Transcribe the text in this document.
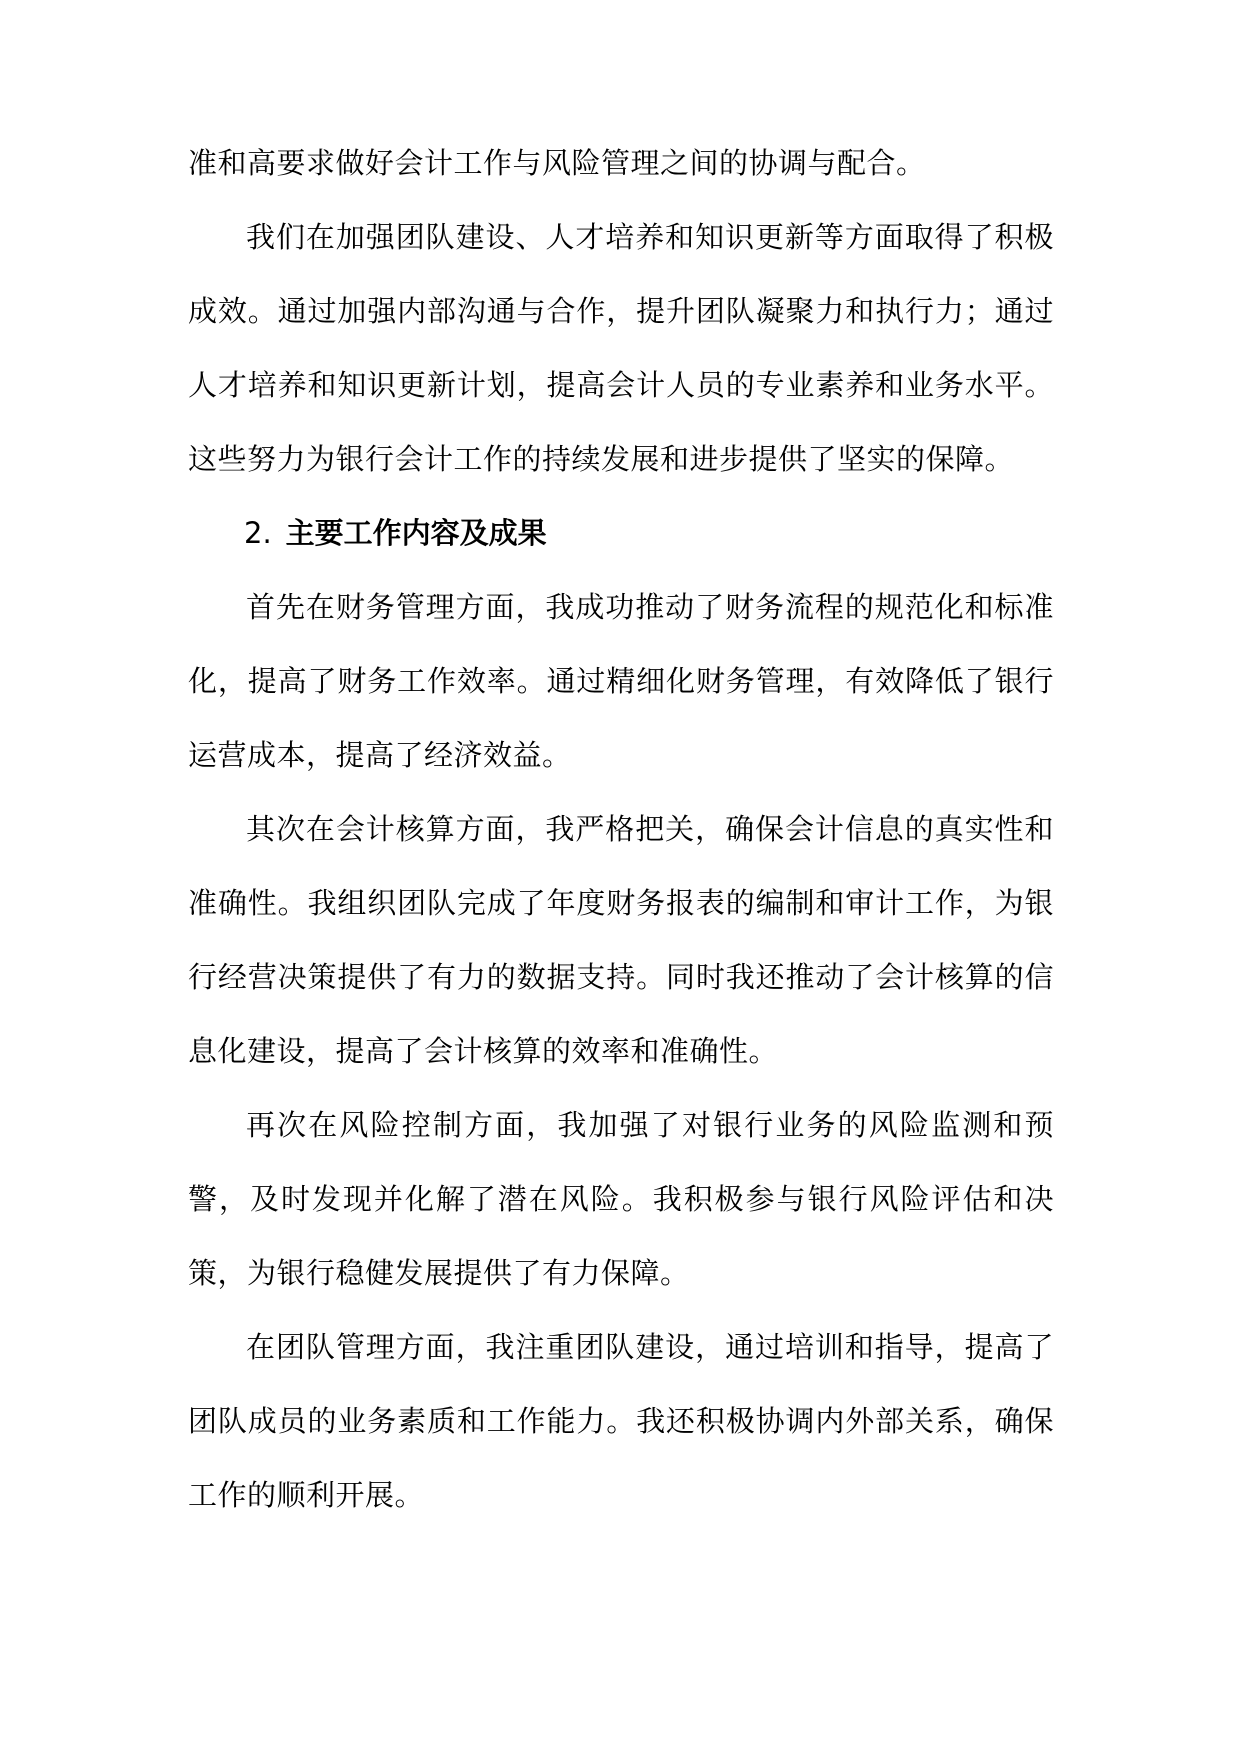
准和高要求做好会计工作与风险管理之间的协调与配合。

我们在加强团队建设、人才培养和知识更新等方面取得了积极成效。通过加强内部沟通与合作，提升团队凝聚力和执行力；通过人才培养和知识更新计划，提高会计人员的专业素养和业务水平。这些努力为银行会计工作的持续发展和进步提供了坚实的保障。

2. 主要工作内容及成果

首先在财务管理方面，我成功推动了财务流程的规范化和标准化，提高了财务工作效率。通过精细化财务管理，有效降低了银行运营成本，提高了经济效益。

其次在会计核算方面，我严格把关，确保会计信息的真实性和准确性。我组织团队完成了年度财务报表的编制和审计工作，为银行经营决策提供了有力的数据支持。同时我还推动了会计核算的信息化建设，提高了会计核算的效率和准确性。

再次在风险控制方面，我加强了对银行业务的风险监测和预警，及时发现并化解了潜在风险。我积极参与银行风险评估和决策，为银行稳健发展提供了有力保障。

在团队管理方面，我注重团队建设，通过培训和指导，提高了团队成员的业务素质和工作能力。我还积极协调内外部关系，确保工作的顺利开展。
